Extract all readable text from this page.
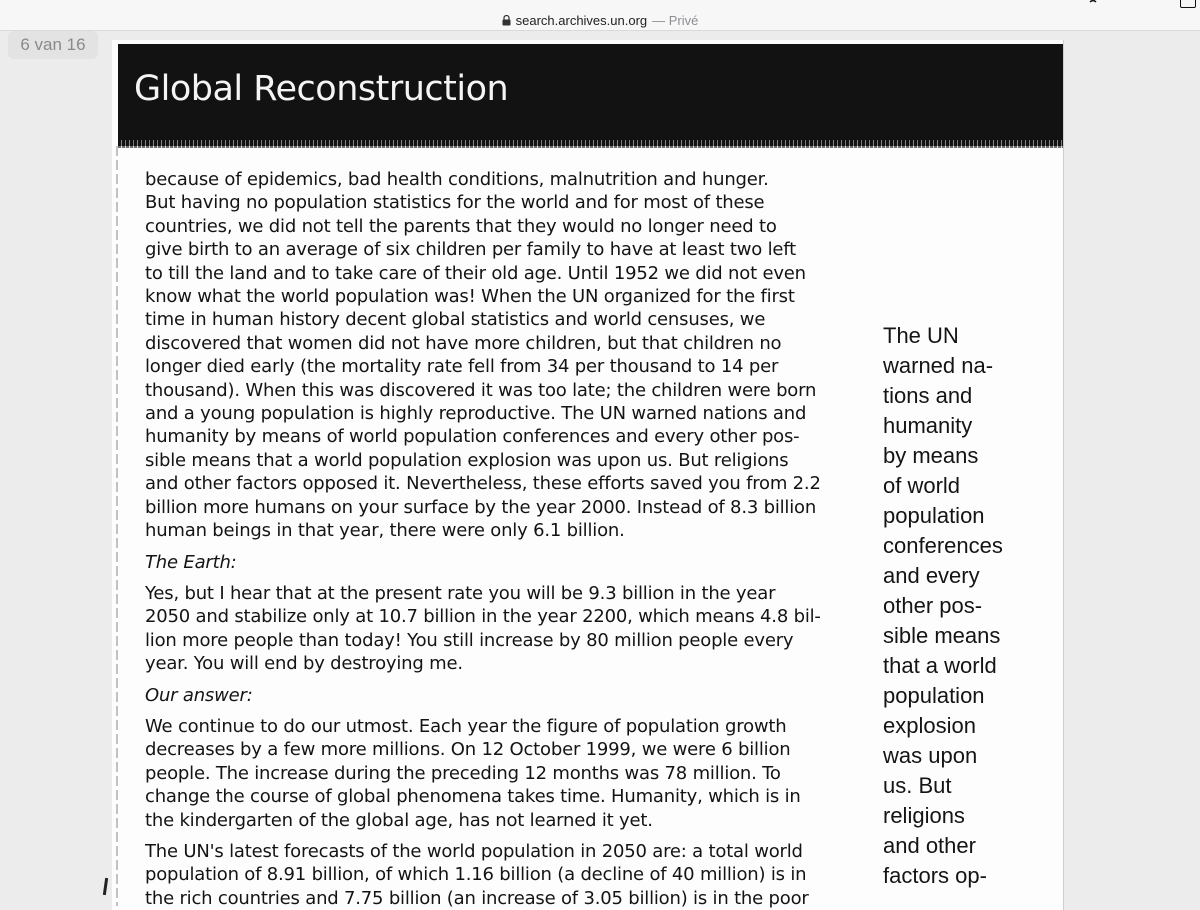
search.archives.un.org — Privé
6 van 16
Global Reconstruction

because of epidemics, bad health conditions, malnutrition and hunger.

But having no population statistics for the world and for most of these

countries, we did not tell the parents that they would no longer need to

give birth to an average of six children per family to have at least two left

to till the land and to take care of their old age. Until 1952 we did not even

know what the world population was! When the UN organized for the first

time in human history decent global statistics and world censuses, we

discovered that women did not have more children, but that children no

longer died early (the mortality rate fell from 34 per thousand to 14 per

thousand). When this was discovered it was too late; the children were born

and a young population is highly reproductive. The UN warned nations and

humanity by means of world population conferences and every other pos-

sible means that a world population explosion was upon us. But religions

and other factors opposed it. Nevertheless, these efforts saved you from 2.2

billion more humans on your surface by the year 2000. Instead of 8.3 billion

human beings in that year, there were only 6.1 billion.

The Earth:

Yes, but I hear that at the present rate you will be 9.3 billion in the year

2050 and stabilize only at 10.7 billion in the year 2200, which means 4.8 bil-

lion more people than today! You still increase by 80 million people every

year. You will end by destroying me.

Our answer:

We continue to do our utmost. Each year the figure of population growth

decreases by a few more millions. On 12 October 1999, we were 6 billion

people. The increase during the preceding 12 months was 78 million. To

change the course of global phenomena takes time. Humanity, which is in

the kindergarten of the global age, has not learned it yet.

The UN's latest forecasts of the world population in 2050 are: a total world

population of 8.91 billion, of which 1.16 billion (a decline of 40 million) is in

the rich countries and 7.75 billion (an increase of 3.05 billion) is in the poor

The UN
warned na-
tions and
humanity
by means
of world
population
conferences
and every
other pos-
sible means
that a world
population
explosion
was upon
us. But
religions
and other
factors op-
